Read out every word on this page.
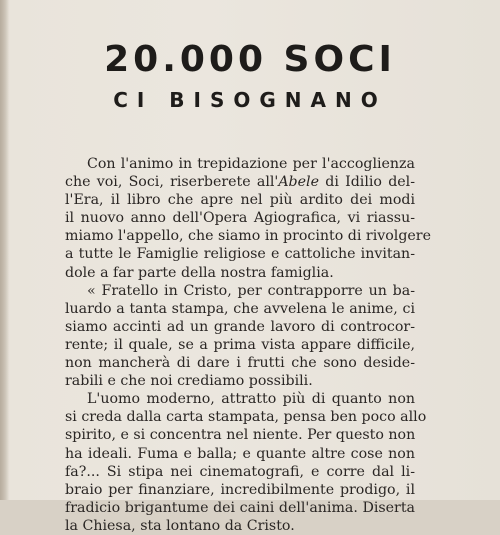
20.000 SOCI
CI BISOGNANO
Con l'animo in trepidazione per l'accoglienza
che voi, Soci, riserberete all'Abele di Idilio del-
l'Era, il libro che apre nel più ardito dei modi
il nuovo anno dell'Opera Agiografica, vi riassu-
miamo l'appello, che siamo in procinto di rivolgere
a tutte le Famiglie religiose e cattoliche invitan-
dole a far parte della nostra famiglia.
« Fratello in Cristo, per contrapporre un ba-
luardo a tanta stampa, che avvelena le anime, ci
siamo accinti ad un grande lavoro di controcor-
rente; il quale, se a prima vista appare difficile,
non mancherà di dare i frutti che sono deside-
rabili e che noi crediamo possibili.
L'uomo moderno, attratto più di quanto non
si creda dalla carta stampata, pensa ben poco allo
spirito, e si concentra nel niente. Per questo non
ha ideali. Fuma e balla; e quante altre cose non
fa?... Si stipa nei cinematografi, e corre dal li-
braio per finanziare, incredibilmente prodigo, il
fradicio brigantume dei caini dell'anima. Diserta
la Chiesa, sta lontano da Cristo.
